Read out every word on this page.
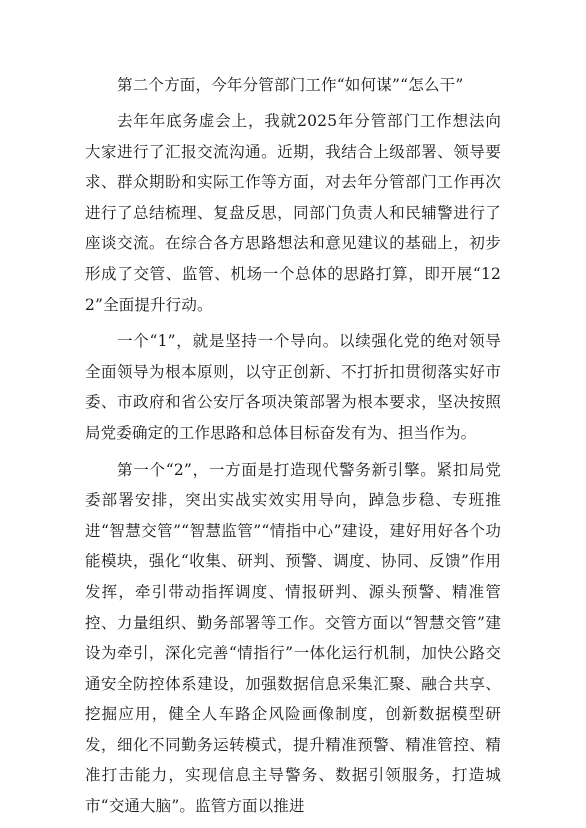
第二个方面，今年分管部门工作“如何谋”“怎么干”

去年年底务虚会上，我就2025年分管部门工作想法向大家进行了汇报交流沟通。近期，我结合上级部署、领导要求、群众期盼和实际工作等方面，对去年分管部门工作再次进行了总结梳理、复盘反思，同部门负责人和民辅警进行了座谈交流。在综合各方思路想法和意见建议的基础上，初步形成了交管、监管、机场一个总体的思路打算，即开展“122”全面提升行动。

一个“1”，就是坚持一个导向。以续强化党的绝对领导全面领导为根本原则，以守正创新、不打折扣贯彻落实好市委、市政府和省公安厅各项决策部署为根本要求，坚决按照局党委确定的工作思路和总体目标奋发有为、担当作为。

第一个“2”，一方面是打造现代警务新引擎。紧扣局党委部署安排，突出实战实效实用导向，踔急步稳、专班推进“智慧交管”“智慧监管”“情指中心”建设，建好用好各个功能模块，强化“收集、研判、预警、调度、协同、反馈”作用发挥，牵引带动指挥调度、情报研判、源头预警、精准管控、力量组织、勤务部署等工作。交管方面以“智慧交管”建设为牵引，深化完善“情指行”一体化运行机制，加快公路交通安全防控体系建设，加强数据信息采集汇聚、融合共享、挖掘应用，健全人车路企风险画像制度，创新数据模型研发，细化不同勤务运转模式，提升精准预警、精准管控、精准打击能力，实现信息主导警务、数据引领服务，打造城市“交通大脑”。监管方面以推进
